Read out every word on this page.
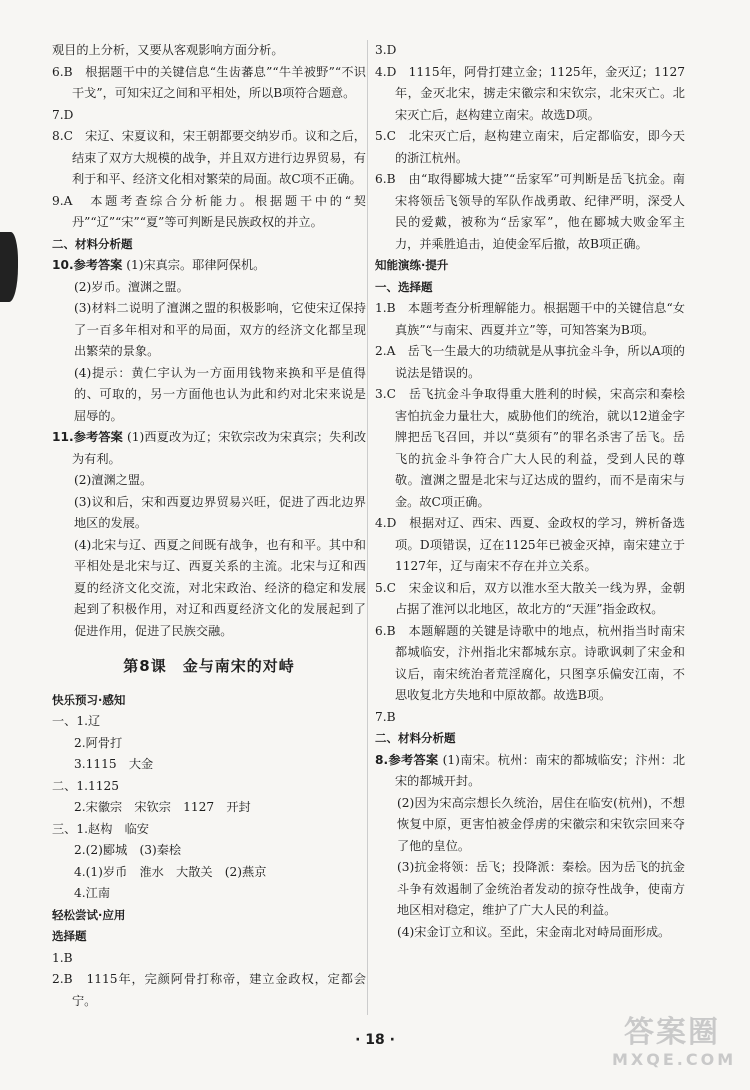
观目的上分析，又要从客观影响方面分析。

6.B　根据题干中的关键信息“生齿蕃息”“牛羊被野”“不识干戈”，可知宋辽之间和平相处，所以B项符合题意。

7.D

8.C　宋辽、宋夏议和，宋王朝都要交纳岁币。议和之后，结束了双方大规模的战争，并且双方进行边界贸易，有利于和平、经济文化相对繁荣的局面。故C项不正确。

9.A　本题考查综合分析能力。根据题干中的“契丹”“辽”“宋”“夏”等可判断是民族政权的并立。

二、材料分析题

10.参考答案 (1)宋真宗。耶律阿保机。

(2)岁币。澶渊之盟。

(3)材料二说明了澶渊之盟的积极影响，它使宋辽保持了一百多年相对和平的局面，双方的经济文化都呈现出繁荣的景象。

(4)提示：黄仁宇认为一方面用钱物来换和平是值得的、可取的，另一方面他也认为此和约对北宋来说是屈辱的。

11.参考答案 (1)西夏改为辽；宋钦宗改为宋真宗；失利改为有利。

(2)澶渊之盟。

(3)议和后，宋和西夏边界贸易兴旺，促进了西北边界地区的发展。

(4)北宋与辽、西夏之间既有战争，也有和平。其中和平相处是北宋与辽、西夏关系的主流。北宋与辽和西夏的经济文化交流，对北宋政治、经济的稳定和发展起到了积极作用，对辽和西夏经济文化的发展起到了促进作用，促进了民族交融。

第8课　金与南宋的对峙

快乐预习·感知

一、1.辽

2.阿骨打

3.1115　大金

二、1.1125

2.宋徽宗　宋钦宗　1127　开封

三、1.赵构　临安

2.(2)郾城　(3)秦桧

4.(1)岁币　淮水　大散关　(2)燕京

4.江南

轻松尝试·应用

选择题

1.B

2.B　1115年，完颜阿骨打称帝，建立金政权，定都会宁。

3.D

4.D　1115年，阿骨打建立金；1125年，金灭辽；1127年，金灭北宋，掳走宋徽宗和宋钦宗，北宋灭亡。北宋灭亡后，赵构建立南宋。故选D项。

5.C　北宋灭亡后，赵构建立南宋，后定都临安，即今天的浙江杭州。

6.B　由“取得郾城大捷”“岳家军”可判断是岳飞抗金。南宋将领岳飞领导的军队作战勇敢、纪律严明，深受人民的爱戴，被称为“岳家军”，他在郾城大败金军主力，并乘胜追击，迫使金军后撤，故B项正确。

知能演练·提升

一、选择题

1.B　本题考查分析理解能力。根据题干中的关键信息“女真族”“与南宋、西夏并立”等，可知答案为B项。

2.A　岳飞一生最大的功绩就是从事抗金斗争，所以A项的说法是错误的。

3.C　岳飞抗金斗争取得重大胜利的时候，宋高宗和秦桧害怕抗金力量壮大，威胁他们的统治，就以12道金字牌把岳飞召回，并以“莫须有”的罪名杀害了岳飞。岳飞的抗金斗争符合广大人民的利益，受到人民的尊敬。澶渊之盟是北宋与辽达成的盟约，而不是南宋与金。故C项正确。

4.D　根据对辽、西宋、西夏、金政权的学习，辨析备选项。D项错误，辽在1125年已被金灭掉，南宋建立于1127年，辽与南宋不存在并立关系。

5.C　宋金议和后，双方以淮水至大散关一线为界，金朝占据了淮河以北地区，故北方的“天涯”指金政权。

6.B　本题解题的关键是诗歌中的地点，杭州指当时南宋都城临安，汴州指北宋都城东京。诗歌讽刺了宋金和议后，南宋统治者荒淫腐化，只图享乐偏安江南，不思收复北方失地和中原故都。故选B项。

7.B

二、材料分析题

8.参考答案 (1)南宋。杭州：南宋的都城临安；汴州：北宋的都城开封。

(2)因为宋高宗想长久统治，居住在临安(杭州)，不想恢复中原，更害怕被金俘虏的宋徽宗和宋钦宗回来夺了他的皇位。

(3)抗金将领：岳飞；投降派：秦桧。因为岳飞的抗金斗争有效遏制了金统治者发动的掠夺性战争，使南方地区相对稳定，维护了广大人民的利益。

(4)宋金订立和议。至此，宋金南北对峙局面形成。

· 18 ·	答案圈
MXQE.COM
